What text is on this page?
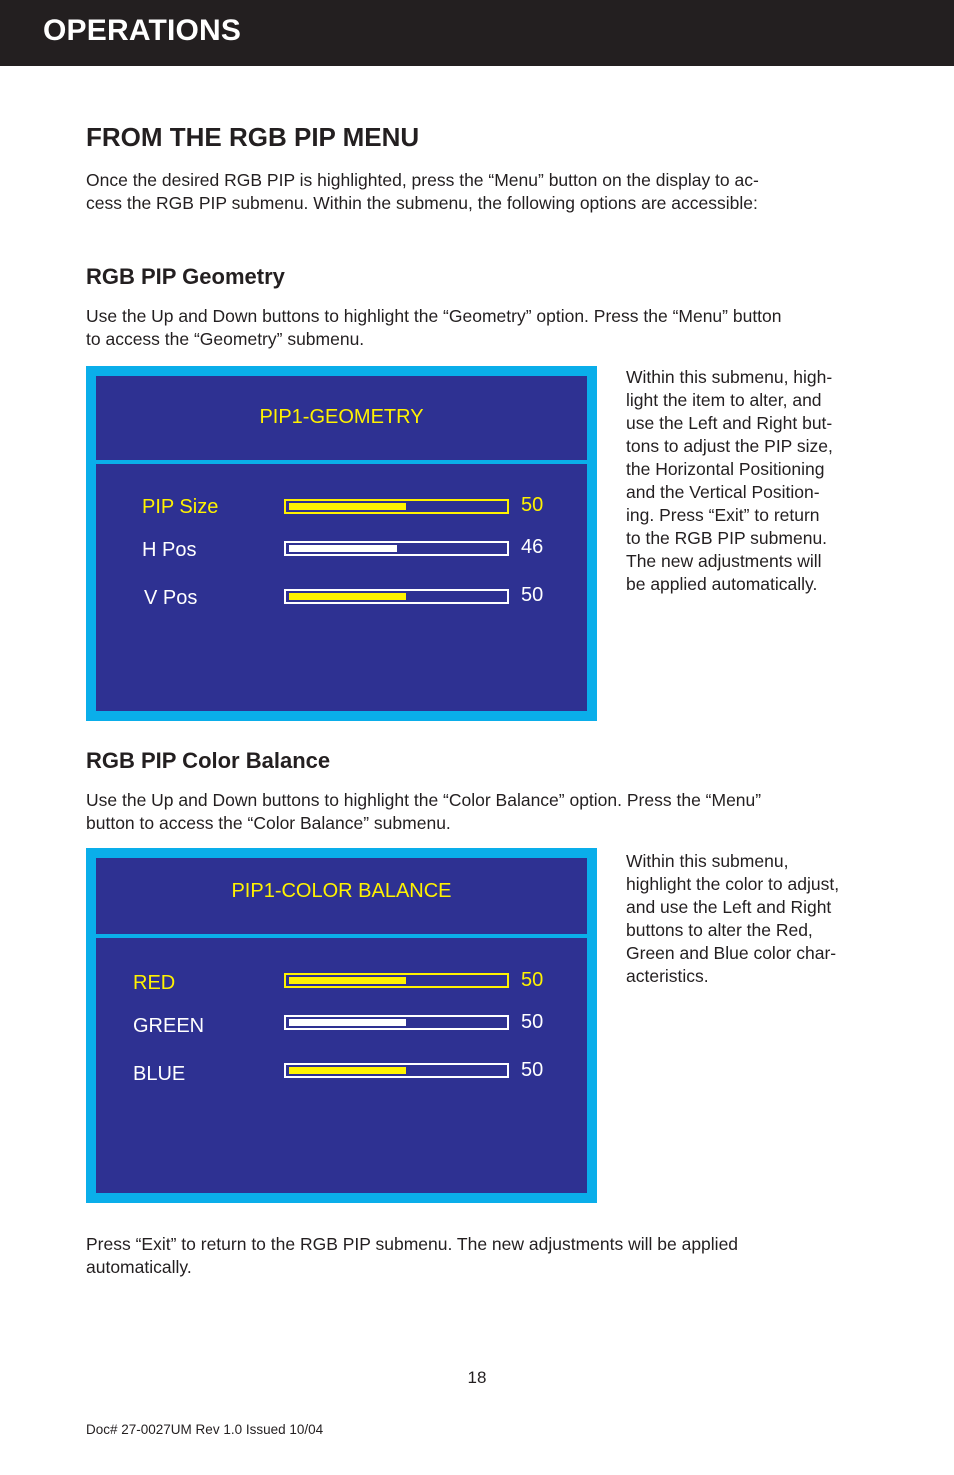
OPERATIONS
FROM THE RGB PIP MENU
Once the desired RGB PIP is highlighted, press the “Menu” button on the display to ac-
cess the RGB PIP submenu. Within the submenu, the following options are accessible:
RGB PIP Geometry
Use the Up and Down buttons to highlight the “Geometry” option. Press the “Menu” button
to access the “Geometry” submenu.
PIP1-GEOMETRY
PIP Size	50
H Pos	46
V Pos	50
Within this submenu, high-
light the item to alter, and
use the Left and Right but-
tons to adjust the PIP size,
the Horizontal Positioning
and the Vertical Position-
ing. Press “Exit” to return
to the RGB PIP submenu.
The new adjustments will
be applied automatically.
RGB PIP Color Balance
Use the Up and Down buttons to highlight the “Color Balance” option. Press the “Menu”
button to access the “Color Balance” submenu.
PIP1-COLOR BALANCE
RED	50
GREEN	50
BLUE	50
Within this submenu,
highlight the color to adjust,
and use the Left and Right
buttons to alter the Red,
Green and Blue color char-
acteristics.
Press “Exit” to return to the RGB PIP submenu. The new adjustments will be applied
automatically.
18
Doc# 27-0027UM Rev 1.0 Issued 10/04
